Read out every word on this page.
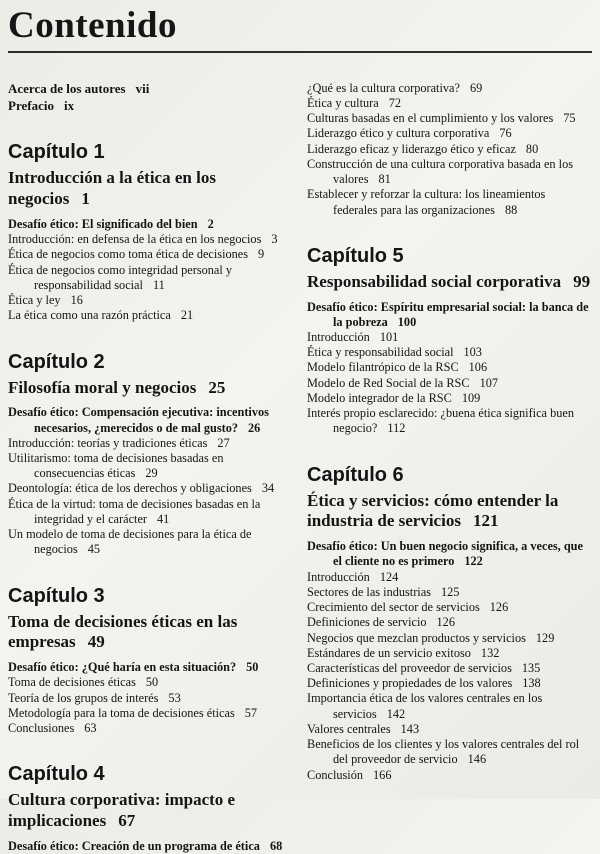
Contenido

Acerca de los autores vii

Prefacio ix

Capítulo 1
Introducción a la ética en los negocios 1

Desafío ético: El significado del bien 2

Introducción: en defensa de la ética en los negocios 3

Ética de negocios como toma ética de decisiones 9

Ética de negocios como integridad personal y responsabilidad social 11

Ética y ley 16

La ética como una razón práctica 21

Capítulo 2
Filosofía moral y negocios 25

Desafío ético: Compensación ejecutiva: incentivos necesarios, ¿merecidos o de mal gusto? 26

Introducción: teorías y tradiciones éticas 27

Utilitarismo: toma de decisiones basadas en consecuencias éticas 29

Deontología: ética de los derechos y obligaciones 34

Ética de la virtud: toma de decisiones basadas en la integridad y el carácter 41

Un modelo de toma de decisiones para la ética de negocios 45

Capítulo 3
Toma de decisiones éticas en las empresas 49

Desafío ético: ¿Qué haría en esta situación? 50

Toma de decisiones éticas 50

Teoría de los grupos de interés 53

Metodología para la toma de decisiones éticas 57

Conclusiones 63

Capítulo 4
Cultura corporativa: impacto e implicaciones 67

Desafío ético: Creación de un programa de ética 68

¿Qué es la cultura corporativa? 69

Ética y cultura 72

Culturas basadas en el cumplimiento y los valores 75

Liderazgo ético y cultura corporativa 76

Liderazgo eficaz y liderazgo ético y eficaz 80

Construcción de una cultura corporativa basada en los valores 81

Establecer y reforzar la cultura: los lineamientos federales para las organizaciones 88

Capítulo 5
Responsabilidad social corporativa 99

Desafío ético: Espíritu empresarial social: la banca de la pobreza 100

Introducción 101

Ética y responsabilidad social 103

Modelo filantrópico de la RSC 106

Modelo de Red Social de la RSC 107

Modelo integrador de la RSC 109

Interés propio esclarecido: ¿buena ética significa buen negocio? 112

Capítulo 6
Ética y servicios: cómo entender la industria de servicios 121

Desafío ético: Un buen negocio significa, a veces, que el cliente no es primero 122

Introducción 124

Sectores de las industrias 125

Crecimiento del sector de servicios 126

Definiciones de servicio 126

Negocios que mezclan productos y servicios 129

Estándares de un servicio exitoso 132

Características del proveedor de servicios 135

Definiciones y propiedades de los valores 138

Importancia ética de los valores centrales en los servicios 142

Valores centrales 143

Beneficios de los clientes y los valores centrales del rol del proveedor de servicio 146

Conclusión 166
